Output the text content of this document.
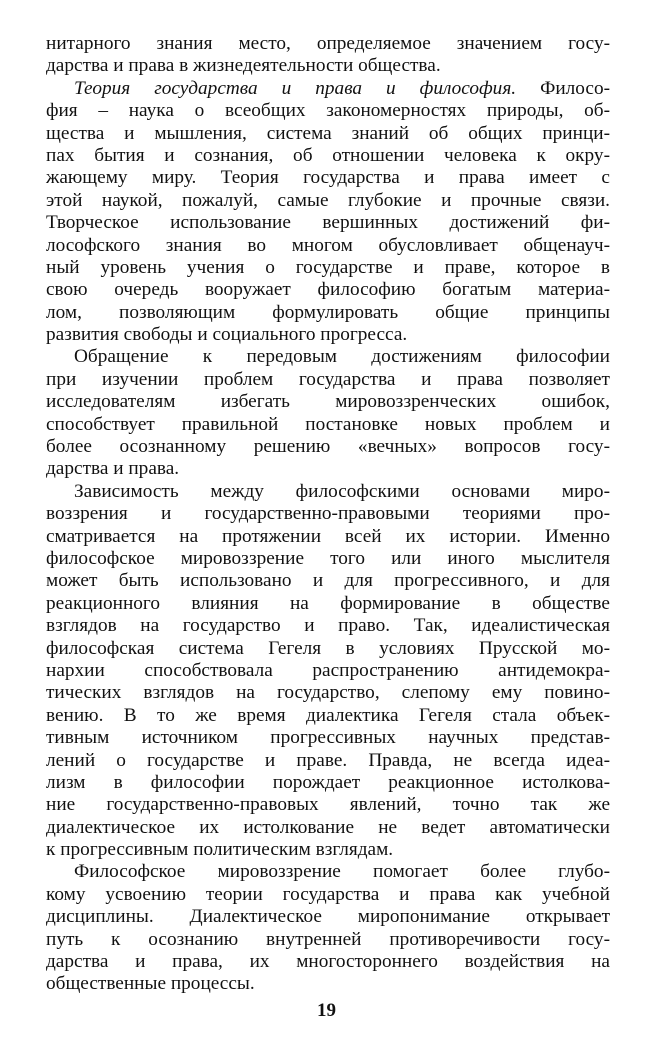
нитарного знания место, определяемое значением госу-
дарства и права в жизнедеятельности общества.
Теория государства и права и философия. Филосо-
фия – наука о всеобщих закономерностях природы, об-
щества и мышления, система знаний об общих принци-
пах бытия и сознания, об отношении человека к окру-
жающему миру. Теория государства и права имеет с
этой наукой, пожалуй, самые глубокие и прочные связи.
Творческое использование вершинных достижений фи-
лософского знания во многом обусловливает общенауч-
ный уровень учения о государстве и праве, которое в
свою очередь вооружает философию богатым материа-
лом, позволяющим формулировать общие принципы
развития свободы и социального прогресса.
Обращение к передовым достижениям философии
при изучении проблем государства и права позволяет
исследователям избегать мировоззренческих ошибок,
способствует правильной постановке новых проблем и
более осознанному решению «вечных» вопросов госу-
дарства и права.
Зависимость между философскими основами миро-
воззрения и государственно-правовыми теориями про-
сматривается на протяжении всей их истории. Именно
философское мировоззрение того или иного мыслителя
может быть использовано и для прогрессивного, и для
реакционного влияния на формирование в обществе
взглядов на государство и право. Так, идеалистическая
философская система Гегеля в условиях Прусской мо-
нархии способствовала распространению антидемокра-
тических взглядов на государство, слепому ему повино-
вению. В то же время диалектика Гегеля стала объек-
тивным источником прогрессивных научных представ-
лений о государстве и праве. Правда, не всегда идеа-
лизм в философии порождает реакционное истолкова-
ние государственно-правовых явлений, точно так же
диалектическое их истолкование не ведет автоматически
к прогрессивным политическим взглядам.
Философское мировоззрение помогает более глубо-
кому усвоению теории государства и права как учебной
дисциплины. Диалектическое миропонимание открывает
путь к осознанию внутренней противоречивости госу-
дарства и права, их многостороннего воздействия на
общественные процессы.
19
